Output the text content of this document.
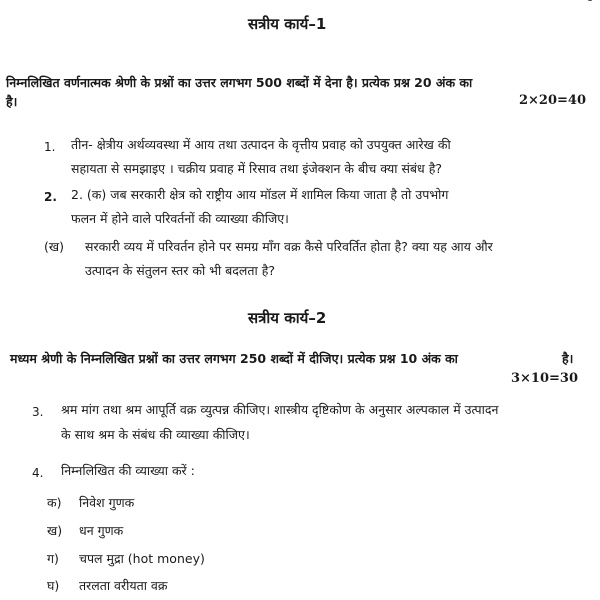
सत्रीय कार्य–1
निम्नलिखित वर्णनात्मक श्रेणी के प्रश्नों का उत्तर लगभग 500 शब्दों में देना है। प्रत्येक प्रश्न 20 अंक का
है।	2×20=40
1. तीन- क्षेत्रीय अर्थव्यवस्था में आय तथा उत्पादन के वृत्तीय प्रवाह को उपयुक्त आरेख की
सहायता से समझाइए । चक्रीय प्रवाह में रिसाव तथा इंजेक्शन के बीच क्या संबंध है?
2. 2. (क) जब सरकारी क्षेत्र को राष्ट्रीय आय मॉडल में शामिल किया जाता है तो उपभोग
फलन में होने वाले परिवर्तनों की व्याख्या कीजिए।
(ख) सरकारी व्यय में परिवर्तन होने पर समग्र माँग वक्र कैसे परिवर्तित होता है? क्या यह आय और
उत्पादन के संतुलन स्तर को भी बदलता है?
सत्रीय कार्य–2
मध्यम श्रेणी के निम्नलिखित प्रश्नों का उत्तर लगभग 250 शब्दों में दीजिए। प्रत्येक प्रश्न 10 अंक का	है।
3×10=30
3. श्रम मांग तथा श्रम आपूर्ति वक्र व्युत्पन्न कीजिए। शास्त्रीय दृष्टिकोण के अनुसार अल्पकाल में उत्पादन
के साथ श्रम के संबंध की व्याख्या कीजिए।
4. निम्नलिखित की व्याख्या करें :
क) निवेश गुणक
ख) धन गुणक
ग) चपल मुद्रा (hot money)
घ) तरलता वरीयता वक्र
